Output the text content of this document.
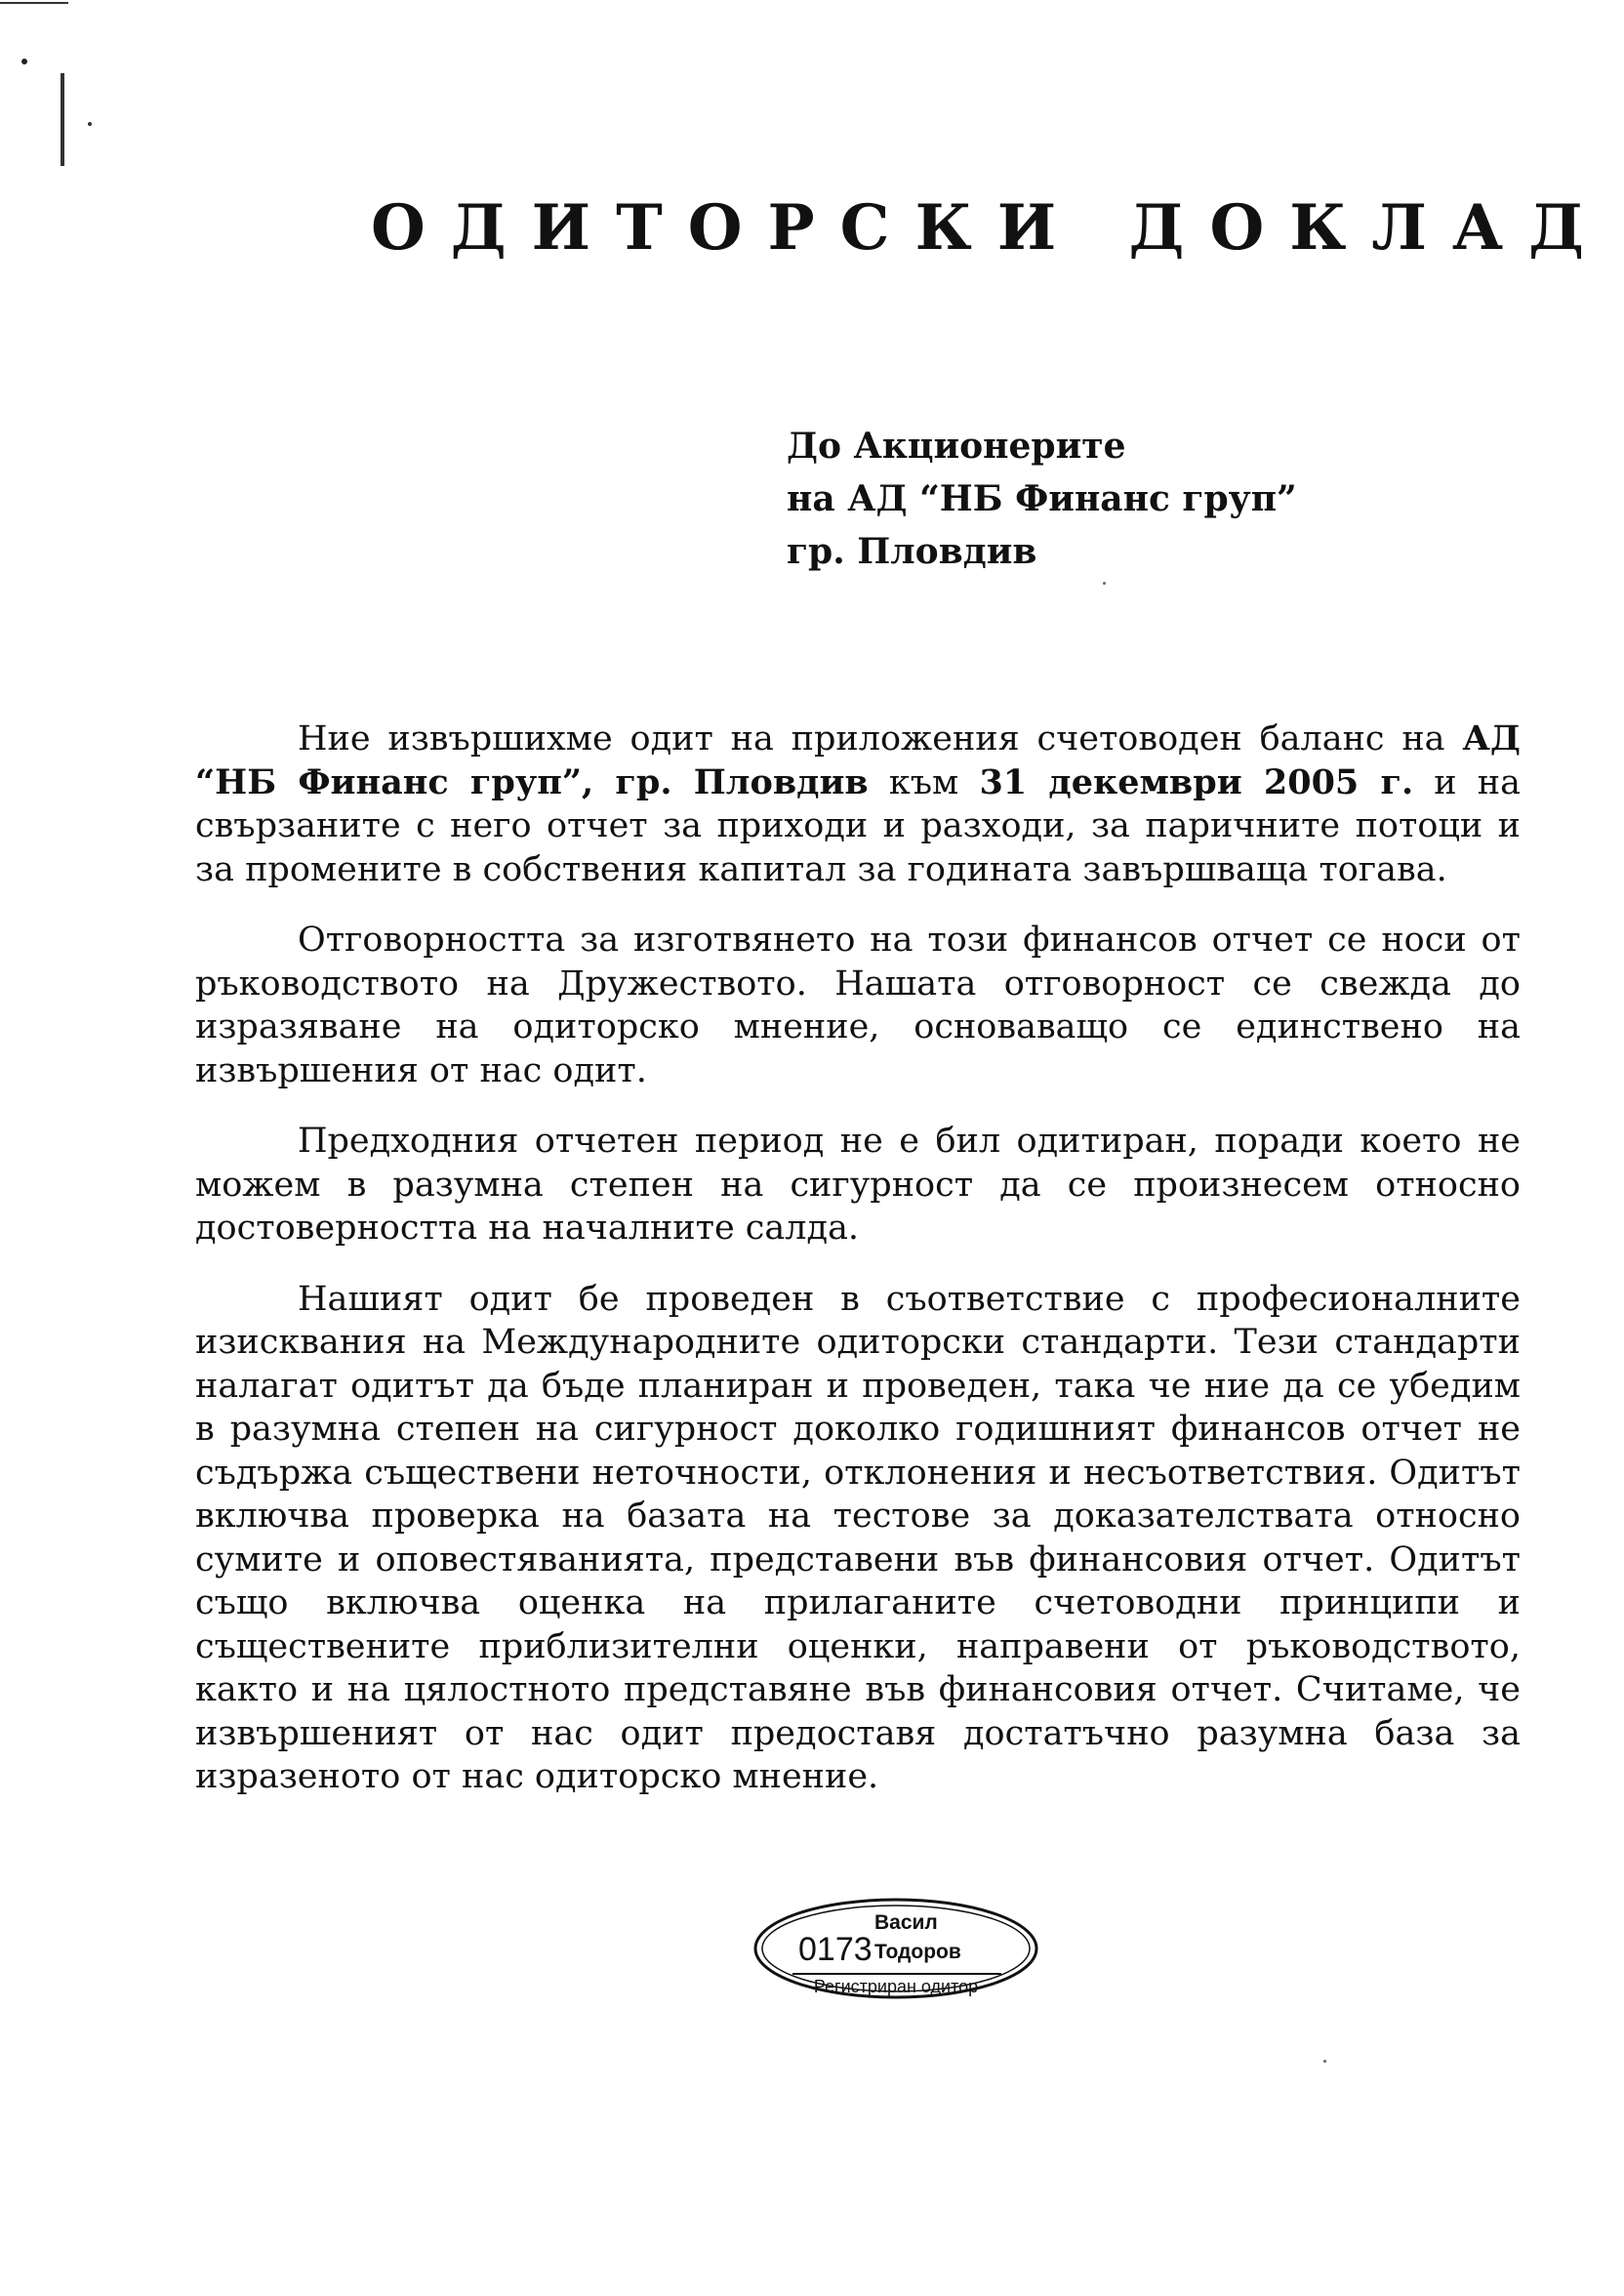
ОДИТОРСКИ ДОКЛАД
До Акционерите
на АД “НБ Финанс груп”
гр. Пловдив

Ние извършихме одит на приложения счетоводен баланс на АД “НБ Финанс груп”, гр. Пловдив към 31 декември 2005 г. и на свързаните с него отчет за приходи и разходи, за паричните потоци и за промените в собствения капитал за годината завършваща тогава.

Отговорността за изготвянето на този финансов отчет се носи от ръководството на Дружеството. Нашата отговорност се свежда до изразяване на одиторско мнение, основаващо се единствено на извършения от нас одит.

Предходния отчетен период не е бил одитиран, поради което не можем в разумна степен на сигурност да се произнесем относно достоверността на началните салда.

Нашият одит бе проведен в съответствие с професионалните изисквания на Международните одиторски стандарти. Тези стандарти налагат одитът да бъде планиран и проведен, така че ние да се убедим в разумна степен на сигурност доколко годишният финансов отчет не съдържа съществени неточности, отклонения и несъответствия. Одитът включва проверка на базата на тестове за доказателствата относно сумите и оповестяванията, представени във финансовия отчет. Одитът също включва оценка на прилаганите счетоводни принципи и съществените приблизителни оценки, направени от ръководството, както и на цялостното представяне във финансовия отчет. Считаме, че извършеният от нас одит предоставя достатъчно разумна база за изразеното от нас одиторско мнение.

0173
Васил
Тодоров
Регистриран одитор
